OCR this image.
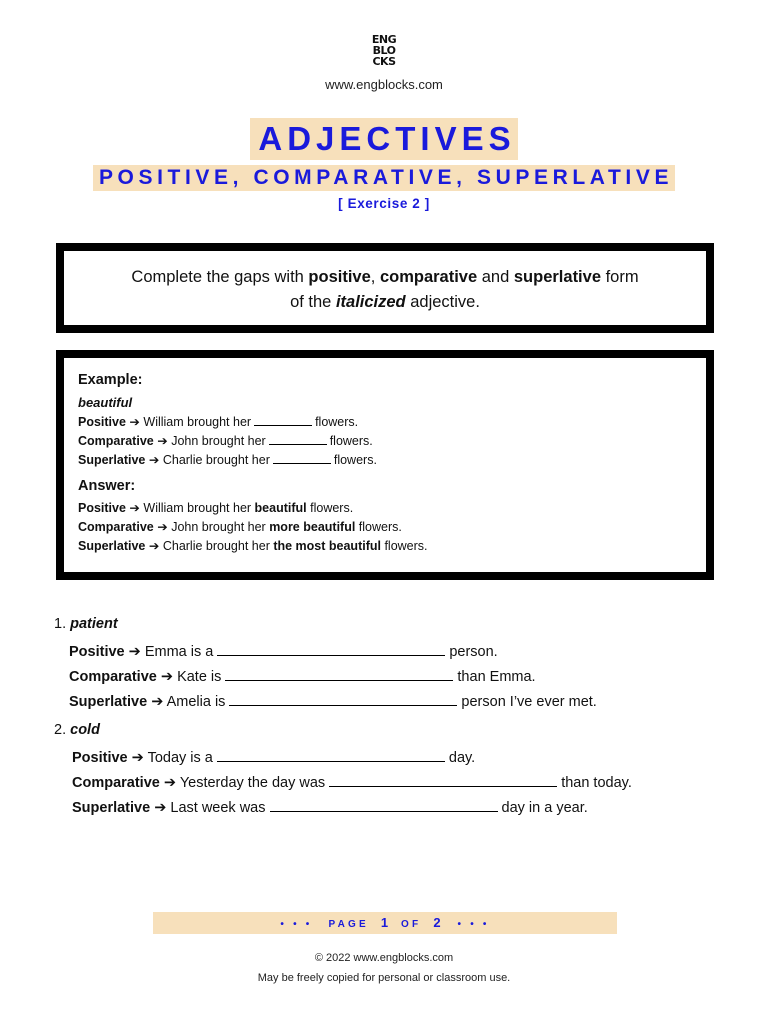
ENG
BLO
CKS
www.engblocks.com
ADJECTIVES
POSITIVE, COMPARATIVE, SUPERLATIVE
[ Exercise 2 ]
Complete the gaps with positive, comparative and superlative form
of the italicized adjective.
Example:
beautiful
Positive ➔ William brought her	flowers.
Comparative ➔ John brought her	flowers.
Superlative ➔ Charlie brought her	flowers.
Answer:
Positive ➔ William brought her beautiful flowers.
Comparative ➔ John brought her more beautiful flowers.
Superlative ➔ Charlie brought her the most beautiful flowers.
1. patient
Positive ➔ Emma is a	person.
Comparative ➔ Kate is	than Emma.
Superlative ➔ Amelia is	person I’ve ever met.
2. cold
Positive ➔ Today is a	day.
Comparative ➔ Yesterday the day was	than today.
Superlative ➔ Last week was	day in a year.
• • • PAGE 1 OF 2 • • •
© 2022 www.engblocks.com
May be freely copied for personal or classroom use.
